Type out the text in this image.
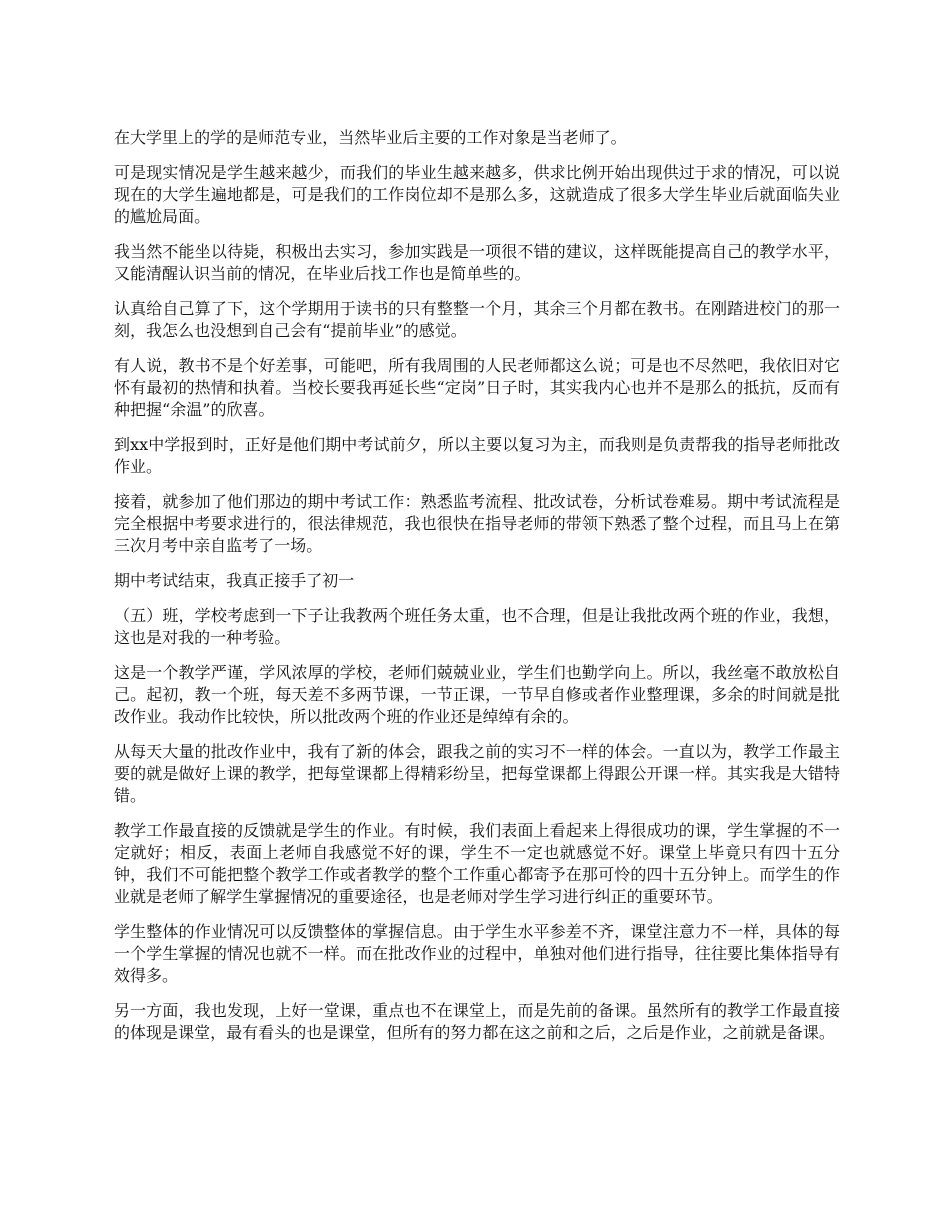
在大学里上的学的是师范专业，当然毕业后主要的工作对象是当老师了。

可是现实情况是学生越来越少，而我们的毕业生越来越多，供求比例开始出现供过于求的情况，可以说现在的大学生遍地都是，可是我们的工作岗位却不是那么多，这就造成了很多大学生毕业后就面临失业的尴尬局面。

我当然不能坐以待毙，积极出去实习，参加实践是一项很不错的建议，这样既能提高自己的教学水平，又能清醒认识当前的情况，在毕业后找工作也是简单些的。

认真给自己算了下，这个学期用于读书的只有整整一个月，其余三个月都在教书。在刚踏进校门的那一刻，我怎么也没想到自己会有“提前毕业”的感觉。

有人说，教书不是个好差事，可能吧，所有我周围的人民老师都这么说；可是也不尽然吧，我依旧对它怀有最初的热情和执着。当校长要我再延长些“定岗”日子时，其实我内心也并不是那么的抵抗，反而有种把握“余温”的欣喜。

到xx中学报到时，正好是他们期中考试前夕，所以主要以复习为主，而我则是负责帮我的指导老师批改作业。

接着，就参加了他们那边的期中考试工作：熟悉监考流程、批改试卷，分析试卷难易。期中考试流程是完全根据中考要求进行的，很法律规范，我也很快在指导老师的带领下熟悉了整个过程，而且马上在第三次月考中亲自监考了一场。

期中考试结束，我真正接手了初一

（五）班，学校考虑到一下子让我教两个班任务太重，也不合理，但是让我批改两个班的作业，我想，这也是对我的一种考验。

这是一个教学严谨，学风浓厚的学校，老师们兢兢业业，学生们也勤学向上。所以，我丝毫不敢放松自己。起初，教一个班，每天差不多两节课，一节正课，一节早自修或者作业整理课，多余的时间就是批改作业。我动作比较快，所以批改两个班的作业还是绰绰有余的。

从每天大量的批改作业中，我有了新的体会，跟我之前的实习不一样的体会。一直以为，教学工作最主要的就是做好上课的教学，把每堂课都上得精彩纷呈，把每堂课都上得跟公开课一样。其实我是大错特错。

教学工作最直接的反馈就是学生的作业。有时候，我们表面上看起来上得很成功的课，学生掌握的不一定就好；相反，表面上老师自我感觉不好的课，学生不一定也就感觉不好。课堂上毕竟只有四十五分钟，我们不可能把整个教学工作或者教学的整个工作重心都寄予在那可怜的四十五分钟上。而学生的作业就是老师了解学生掌握情况的重要途径，也是老师对学生学习进行纠正的重要环节。

学生整体的作业情况可以反馈整体的掌握信息。由于学生水平参差不齐，课堂注意力不一样，具体的每一个学生掌握的情况也就不一样。而在批改作业的过程中，单独对他们进行指导，往往要比集体指导有效得多。

另一方面，我也发现，上好一堂课，重点也不在课堂上，而是先前的备课。虽然所有的教学工作最直接的体现是课堂，最有看头的也是课堂，但所有的努力都在这之前和之后，之后是作业，之前就是备课。
